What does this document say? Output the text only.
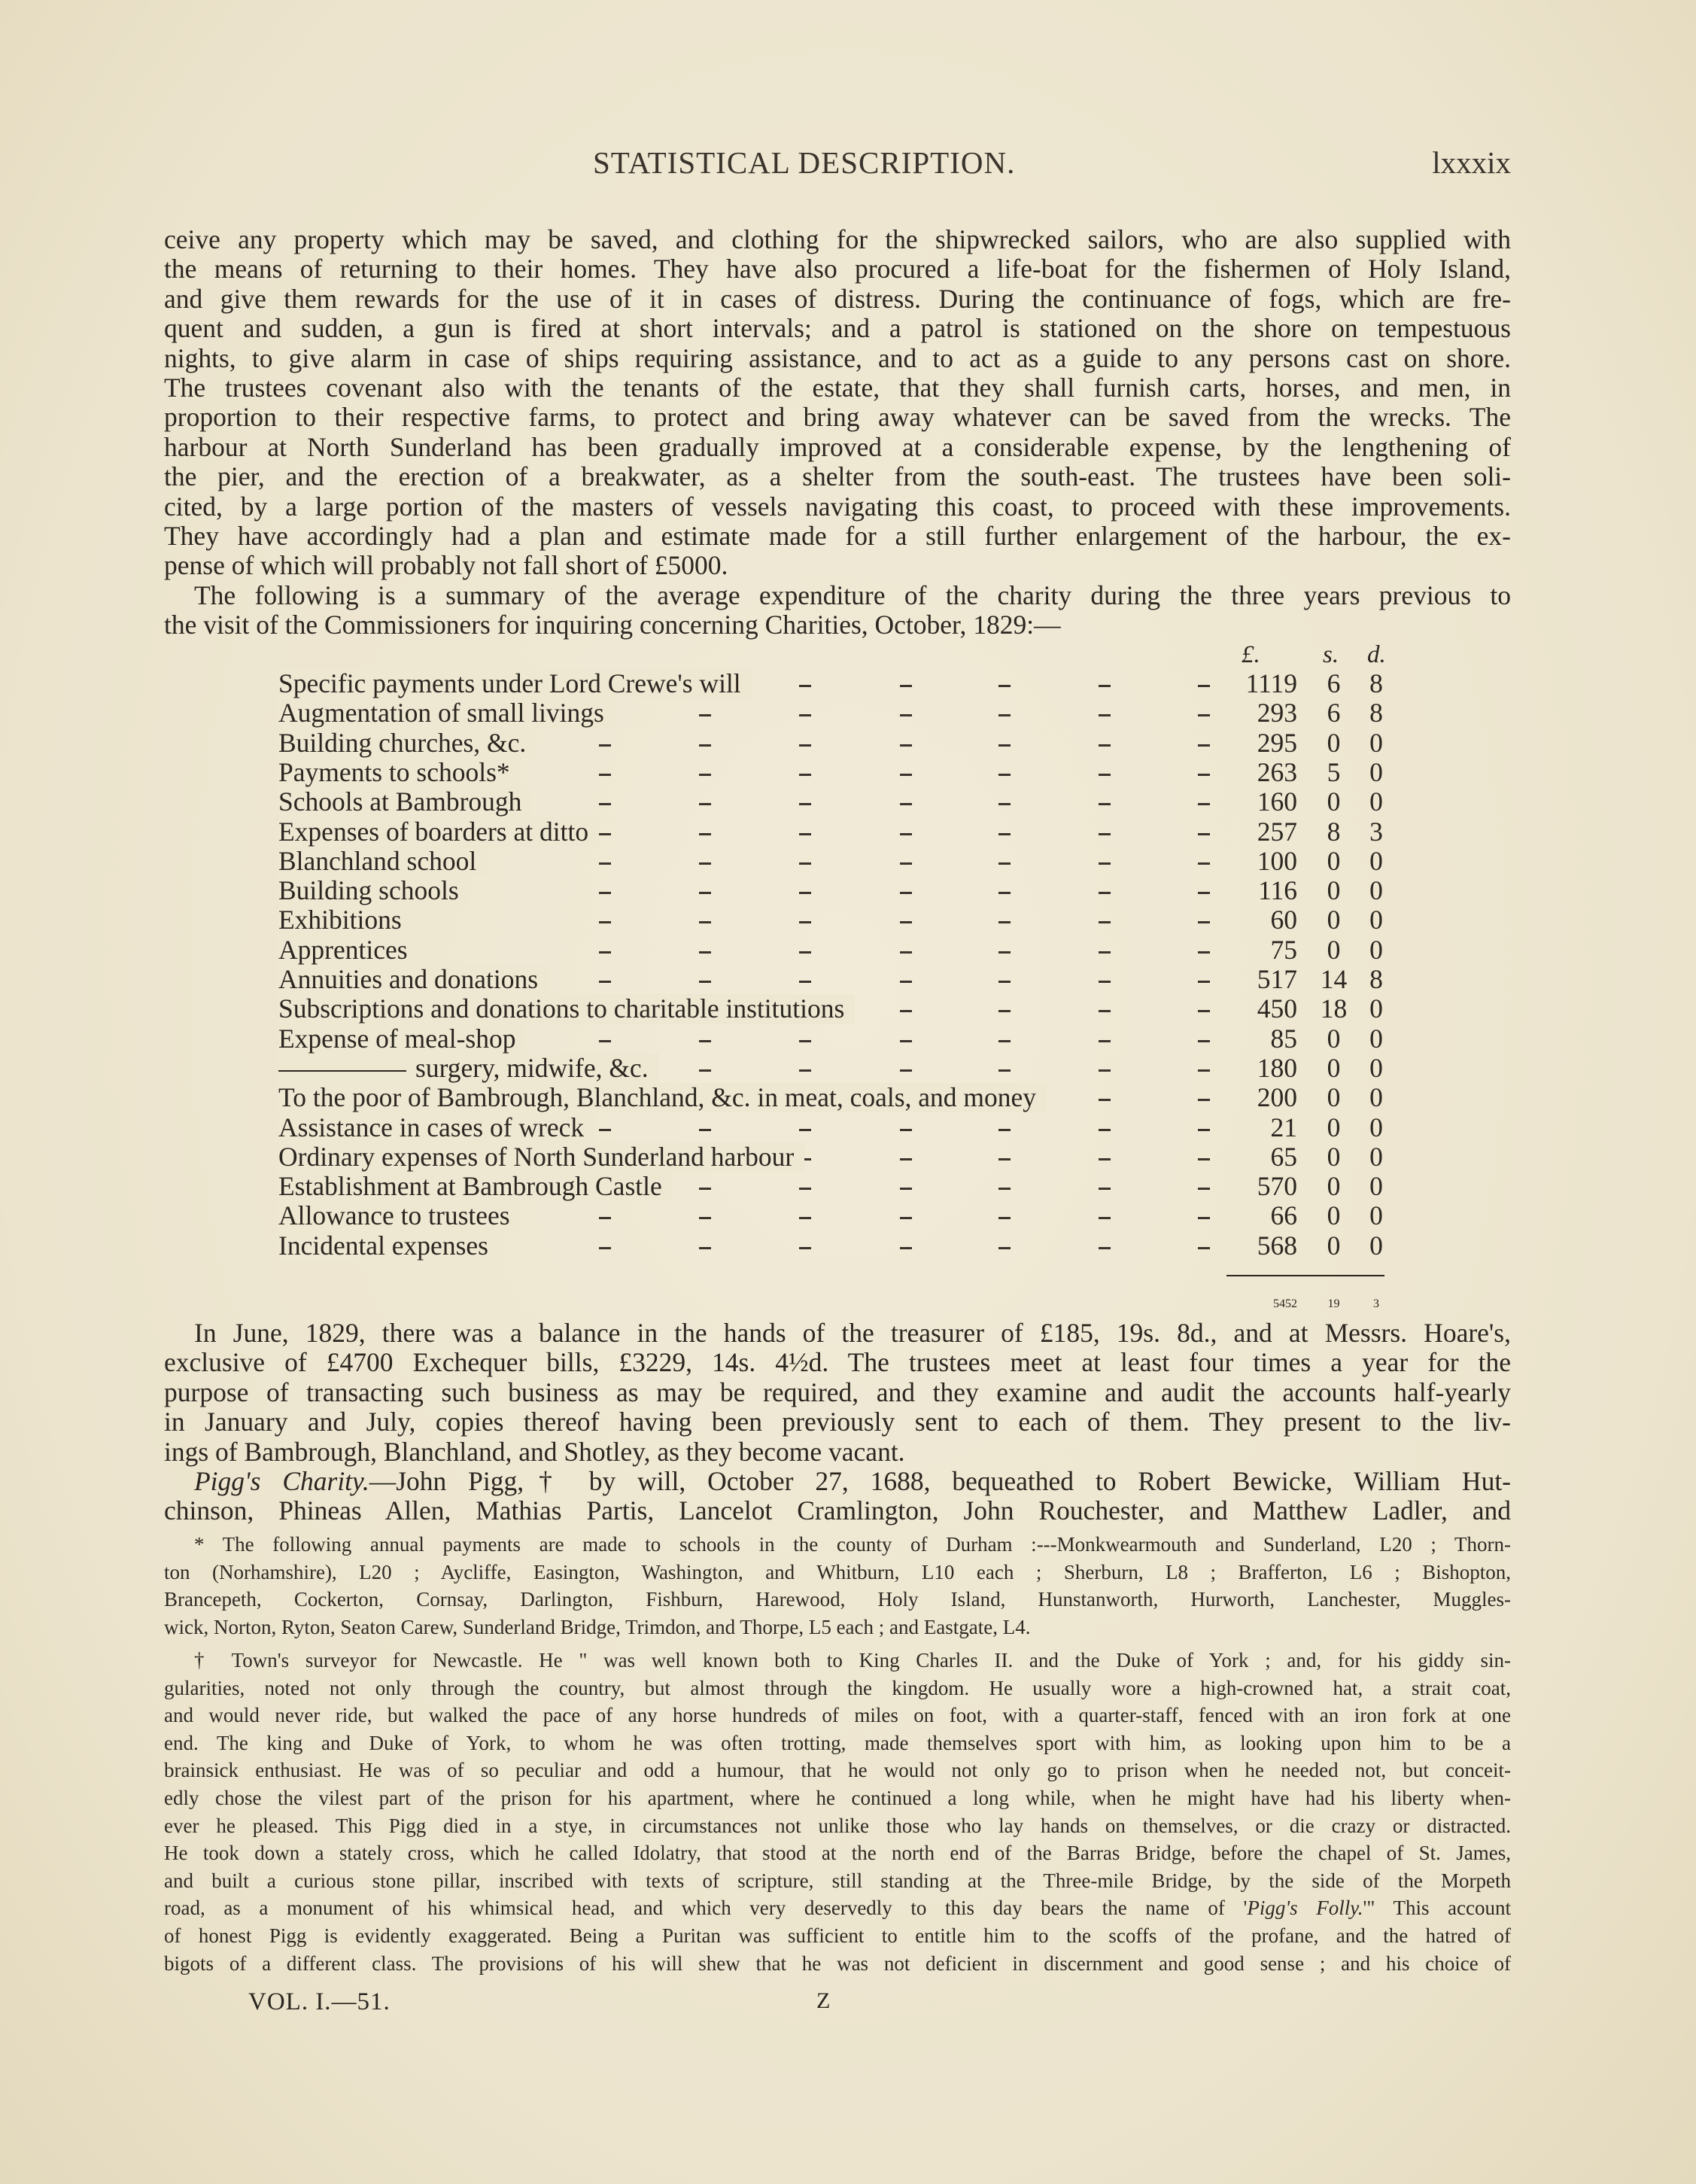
STATISTICAL DESCRIPTION.	lxxxix
ceive any property which may be saved, and clothing for the shipwrecked sailors, who are also supplied with
the means of returning to their homes. They have also procured a life-boat for the fishermen of Holy Island,
and give them rewards for the use of it in cases of distress. During the continuance of fogs, which are fre-
quent and sudden, a gun is fired at short intervals; and a patrol is stationed on the shore on tempestuous
nights, to give alarm in case of ships requiring assistance, and to act as a guide to any persons cast on shore.
The trustees covenant also with the tenants of the estate, that they shall furnish carts, horses, and men, in
proportion to their respective farms, to protect and bring away whatever can be saved from the wrecks. The
harbour at North Sunderland has been gradually improved at a considerable expense, by the lengthening of
the pier, and the erection of a breakwater, as a shelter from the south-east. The trustees have been soli-
cited, by a large portion of the masters of vessels navigating this coast, to proceed with these improvements.
They have accordingly had a plan and estimate made for a still further enlargement of the harbour, the ex-
pense of which will probably not fall short of £5000.
The following is a summary of the average expenditure of the charity during the three years previous to
the visit of the Commissioners for inquiring concerning Charities, October, 1829:—
£.	s. d.
Specific payments under Lord Crewe's will	1119	6	8
Augmentation of small livings	293	6	8
Building churches, &c.	295	0	0
Payments to schools*	263	5	0
Schools at Bambrough	160	0	0
Expenses of boarders at ditto	257	8	3
Blanchland school	100	0	0
Building schools	116	0	0
Exhibitions	60	0	0
Apprentices	75	0	0
Annuities and donations	517 14 8
Subscriptions and donations to charitable institutions	450 18 0
Expense of meal-shop	85	0	0
surgery, midwife, &c.	180	0	0
To the poor of Bambrough, Blanchland, &c. in meat, coals, and money	200	0	0
Assistance in cases of wreck	21	0	0
Ordinary expenses of North Sunderland harbour	65	0	0
Establishment at Bambrough Castle	570	0	0
Allowance to trustees	66	0	0
Incidental expenses	568	0	0
5452	19	3
In June, 1829, there was a balance in the hands of the treasurer of £185, 19s. 8d., and at Messrs. Hoare's,
exclusive of £4700 Exchequer bills, £3229, 14s. 4½d. The trustees meet at least four times a year for the
purpose of transacting such business as may be required, and they examine and audit the accounts half-yearly
in January and July, copies thereof having been previously sent to each of them. They present to the liv-
ings of Bambrough, Blanchland, and Shotley, as they become vacant.
Pigg's Charity.—John Pigg,† by will, October 27, 1688, bequeathed to Robert Bewicke, William Hut-
chinson, Phineas Allen, Mathias Partis, Lancelot Cramlington, John Rouchester, and Matthew Ladler, and
* The following annual payments are made to schools in the county of Durham :---Monkwearmouth and Sunderland, L20 ; Thorn-
ton (Norhamshire), L20 ; Aycliffe, Easington, Washington, and Whitburn, L10 each ; Sherburn, L8 ; Brafferton, L6 ; Bishopton,
Brancepeth, Cockerton, Cornsay, Darlington, Fishburn, Harewood, Holy Island, Hunstanworth, Hurworth, Lanchester, Muggles-
wick, Norton, Ryton, Seaton Carew, Sunderland Bridge, Trimdon, and Thorpe, L5 each ; and Eastgate, L4.
† Town's surveyor for Newcastle. He " was well known both to King Charles II. and the Duke of York ; and, for his giddy sin-
gularities, noted not only through the country, but almost through the kingdom. He usually wore a high-crowned hat, a strait coat,
and would never ride, but walked the pace of any horse hundreds of miles on foot, with a quarter-staff, fenced with an iron fork at one
end. The king and Duke of York, to whom he was often trotting, made themselves sport with him, as looking upon him to be a
brainsick enthusiast. He was of so peculiar and odd a humour, that he would not only go to prison when he needed not, but conceit-
edly chose the vilest part of the prison for his apartment, where he continued a long while, when he might have had his liberty when-
ever he pleased. This Pigg died in a stye, in circumstances not unlike those who lay hands on themselves, or die crazy or distracted.
He took down a stately cross, which he called Idolatry, that stood at the north end of the Barras Bridge, before the chapel of St. James,
and built a curious stone pillar, inscribed with texts of scripture, still standing at the Three-mile Bridge, by the side of the Morpeth
road, as a monument of his whimsical head, and which very deservedly to this day bears the name of 'Pigg's Folly.'" This account
of honest Pigg is evidently exaggerated. Being a Puritan was sufficient to entitle him to the scoffs of the profane, and the hatred of
bigots of a different class. The provisions of his will shew that he was not deficient in discernment and good sense ; and his choice of
VOL. I.—51.	Z
